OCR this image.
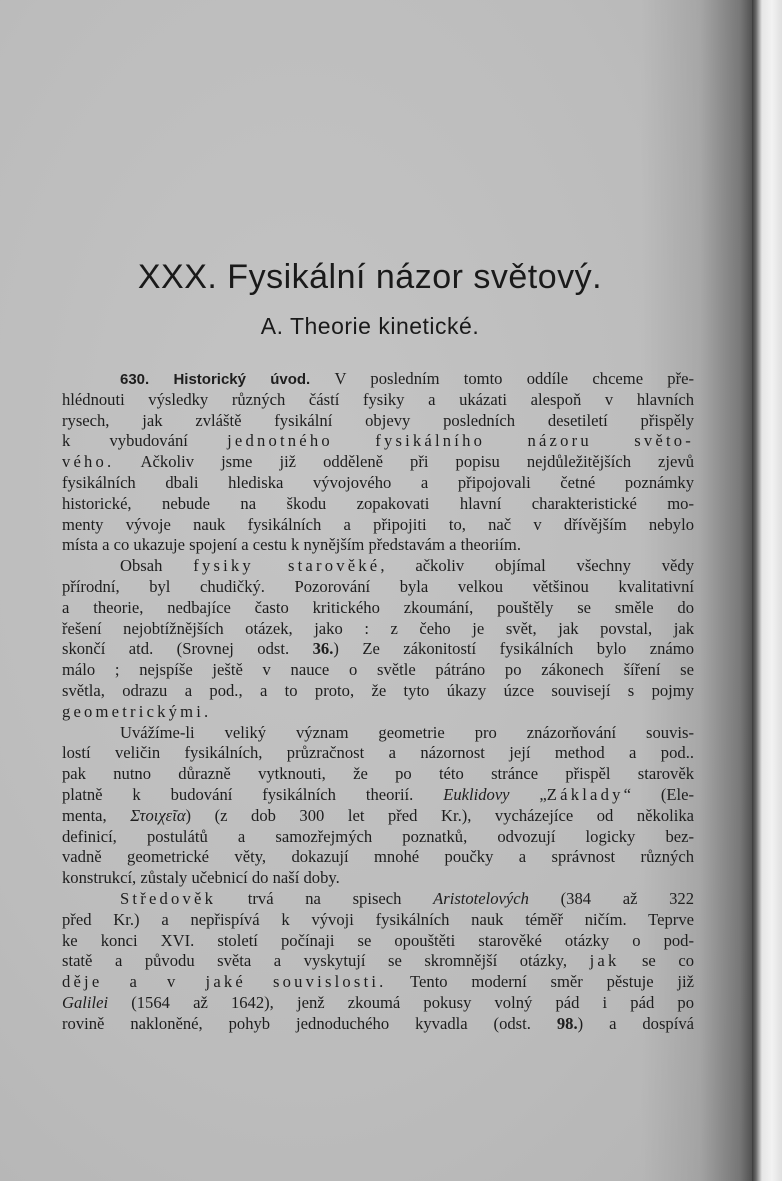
XXX. Fysikální názor světový.
A. Theorie kinetické.
630. Historický úvod. V posledním tomto oddíle chceme pře-
hlédnouti výsledky různých částí fysiky a ukázati alespoň v hlavních
rysech, jak zvláště fysikální objevy posledních desetiletí přispěly
k vybudování jednotného fysikálního názoru světo-
vého. Ačkoliv jsme již odděleně při popisu nejdůležitějších zjevů
fysikálních dbali hlediska vývojového a připojovali četné poznámky
historické, nebude na škodu zopakovati hlavní charakteristické mo-
menty vývoje nauk fysikálních a připojiti to, nač v dřívějším nebylo
místa a co ukazuje spojení a cestu k nynějším představám a theoriím.
Obsah fysiky starověké, ačkoliv objímal všechny vědy
přírodní, byl chudičký. Pozorování byla velkou většinou kvalitativní
a theorie, nedbajíce často kritického zkoumání, pouštěly se směle do
řešení nejobtížnějších otázek, jako : z čeho je svět, jak povstal, jak
skončí atd. (Srovnej odst. 36.) Ze zákonitostí fysikálních bylo známo
málo ; nejspíše ještě v nauce o světle pátráno po zákonech šíření se
světla, odrazu a pod., a to proto, že tyto úkazy úzce souvisejí s pojmy
geometrickými.
Uvážíme-li veliký význam geometrie pro znázorňování souvis-
lostí veličin fysikálních, průzračnost a názornost její method a pod..
pak nutno důrazně vytknouti, že po této stránce přispěl starověk
platně k budování fysikálních theorií. Euklidovy „Základy“ (Ele-
menta, Στοιχεῖα) (z dob 300 let před Kr.), vycházejíce od několika
definicí, postulátů a samozřejmých poznatků, odvozují logicky bez-
vadně geometrické věty, dokazují mnohé poučky a správnost různých
konstrukcí, zůstaly učebnicí do naší doby.
Středověk trvá na spisech Aristotelových (384 až 322
před Kr.) a nepřispívá k vývoji fysikálních nauk téměř ničím. Teprve
ke konci XVI. století počínaji se opouštěti starověké otázky o pod-
statě a původu světa a vyskytují se skromnější otázky, jak se co
děje a v jaké souvislosti. Tento moderní směr pěstuje již
Galilei (1564 až 1642), jenž zkoumá pokusy volný pád i pád po
rovině nakloněné, pohyb jednoduchého kyvadla (odst. 98.) a dospívá
